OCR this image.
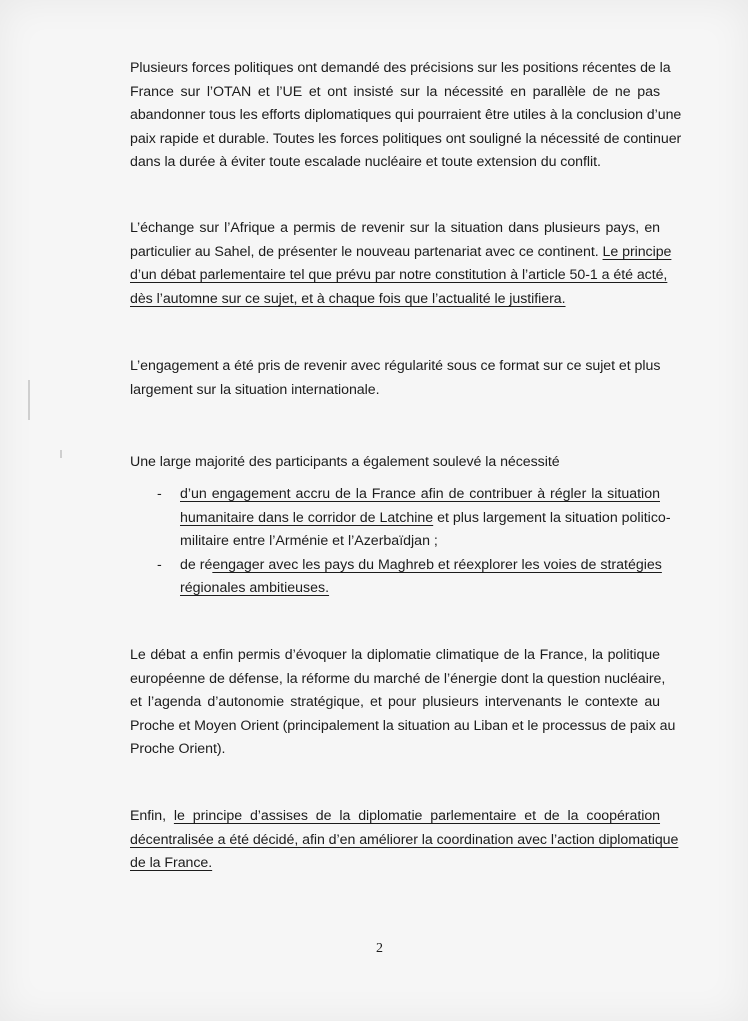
Plusieurs forces politiques ont demandé des précisions sur les positions récentes de la
France sur l’OTAN et l’UE et ont insisté sur la nécessité en parallèle de ne pas
abandonner tous les efforts diplomatiques qui pourraient être utiles à la conclusion d’une
paix rapide et durable. Toutes les forces politiques ont souligné la nécessité de continuer
dans la durée à éviter toute escalade nucléaire et toute extension du conflit.
L’échange sur l’Afrique a permis de revenir sur la situation dans plusieurs pays, en
particulier au Sahel, de présenter le nouveau partenariat avec ce continent. Le principe
d’un débat parlementaire tel que prévu par notre constitution à l’article 50-1 a été acté,
dès l’automne sur ce sujet, et à chaque fois que l’actualité le justifiera.
L’engagement a été pris de revenir avec régularité sous ce format sur ce sujet et plus
largement sur la situation internationale.
Une large majorité des participants a également soulevé la nécessité
- d’un engagement accru de la France afin de contribuer à régler la situation
humanitaire dans le corridor de Latchine et plus largement la situation politico-
militaire entre l’Arménie et l’Azerbaïdjan ;
- de réengager avec les pays du Maghreb et réexplorer les voies de stratégies
régionales ambitieuses.
Le débat a enfin permis d’évoquer la diplomatie climatique de la France, la politique
européenne de défense, la réforme du marché de l’énergie dont la question nucléaire,
et l’agenda d’autonomie stratégique, et pour plusieurs intervenants le contexte au
Proche et Moyen Orient (principalement la situation au Liban et le processus de paix au
Proche Orient).
Enfin, le principe d’assises de la diplomatie parlementaire et de la coopération
décentralisée a été décidé, afin d’en améliorer la coordination avec l’action diplomatique
de la France.
2
